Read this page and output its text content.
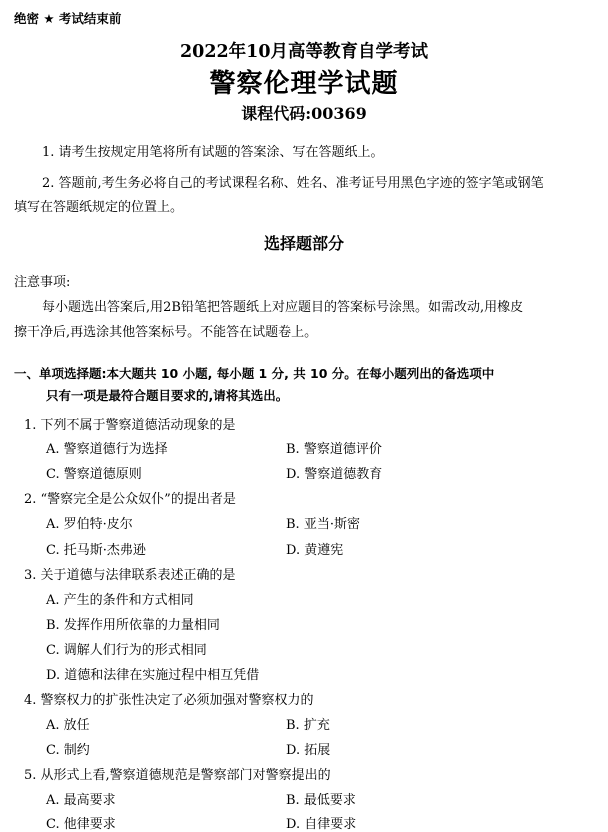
绝密 ★ 考试结束前
2022年10月高等教育自学考试
警察伦理学试题
课程代码:00369
1. 请考生按规定用笔将所有试题的答案涂、写在答题纸上。
2. 答题前,考生务必将自己的考试课程名称、姓名、准考证号用黑色字迹的签字笔或钢笔
填写在答题纸规定的位置上。
选择题部分
注意事项:
每小题选出答案后,用2B铅笔把答题纸上对应题目的答案标号涂黑。如需改动,用橡皮
擦干净后,再选涂其他答案标号。不能答在试题卷上。
一、单项选择题:本大题共 10 小题, 每小题 1 分, 共 10 分。在每小题列出的备选项中
只有一项是最符合题目要求的,请将其选出。
1. 下列不属于警察道德活动现象的是
A. 警察道德行为选择	B. 警察道德评价
C. 警察道德原则	D. 警察道德教育
2. “警察完全是公众奴仆”的提出者是
A. 罗伯特·皮尔	B. 亚当·斯密
C. 托马斯·杰弗逊	D. 黄遵宪
3. 关于道德与法律联系表述正确的是
A. 产生的条件和方式相同
B. 发挥作用所依靠的力量相同
C. 调解人们行为的形式相同
D. 道德和法律在实施过程中相互凭借
4. 警察权力的扩张性决定了必须加强对警察权力的
A. 放任	B. 扩充
C. 制约	D. 拓展
5. 从形式上看,警察道德规范是警察部门对警察提出的
A. 最高要求	B. 最低要求
C. 他律要求	D. 自律要求
